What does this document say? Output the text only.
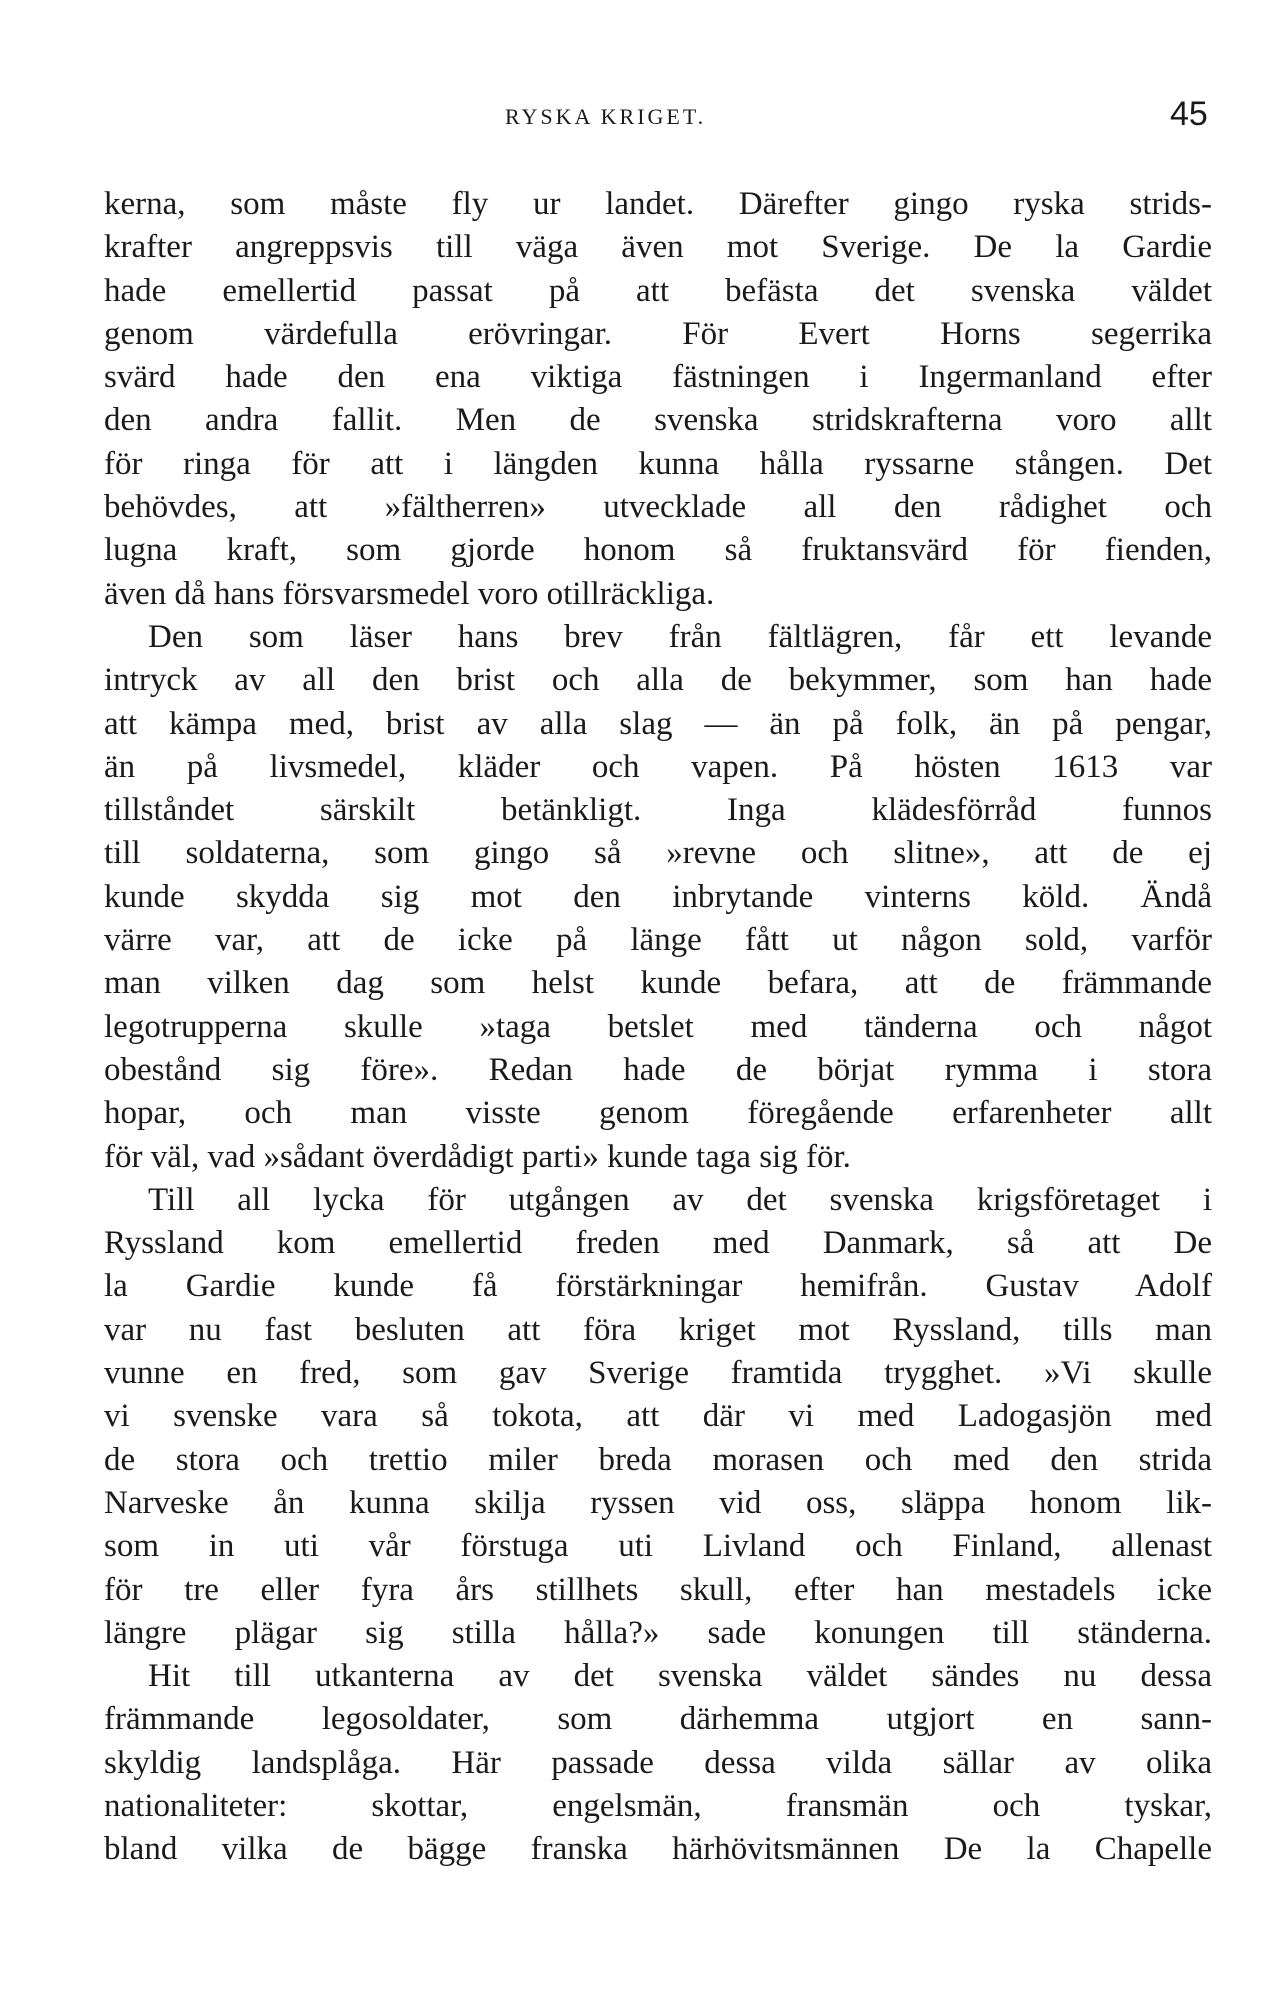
RYSKA KRIGET.	45
kerna, som måste fly ur landet. Därefter gingo ryska strids-
krafter angreppsvis till väga även mot Sverige. De la Gardie
hade emellertid passat på att befästa det svenska väldet
genom värdefulla erövringar. För Evert Horns segerrika
svärd hade den ena viktiga fästningen i Ingermanland efter
den andra fallit. Men de svenska stridskrafterna voro allt
för ringa för att i längden kunna hålla ryssarne stången. Det
behövdes, att »fältherren» utvecklade all den rådighet och
lugna kraft, som gjorde honom så fruktansvärd för fienden,
även då hans försvarsmedel voro otillräckliga.
Den som läser hans brev från fältlägren, får ett levande
intryck av all den brist och alla de bekymmer, som han hade
att kämpa med, brist av alla slag — än på folk, än på pengar,
än på livsmedel, kläder och vapen. På hösten 1613 var
tillståndet särskilt betänkligt. Inga klädesförråd funnos
till soldaterna, som gingo så »revne och slitne», att de ej
kunde skydda sig mot den inbrytande vinterns köld. Ändå
värre var, att de icke på länge fått ut någon sold, varför
man vilken dag som helst kunde befara, att de främmande
legotrupperna skulle »taga betslet med tänderna och något
obestånd sig före». Redan hade de börjat rymma i stora
hopar, och man visste genom föregående erfarenheter allt
för väl, vad »sådant överdådigt parti» kunde taga sig för.
Till all lycka för utgången av det svenska krigsföretaget i
Ryssland kom emellertid freden med Danmark, så att De
la Gardie kunde få förstärkningar hemifrån. Gustav Adolf
var nu fast besluten att föra kriget mot Ryssland, tills man
vunne en fred, som gav Sverige framtida trygghet. »Vi skulle
vi svenske vara så tokota, att där vi med Ladogasjön med
de stora och trettio miler breda morasen och med den strida
Narveske ån kunna skilja ryssen vid oss, släppa honom lik-
som in uti vår förstuga uti Livland och Finland, allenast
för tre eller fyra års stillhets skull, efter han mestadels icke
längre plägar sig stilla hålla?» sade konungen till ständerna.
Hit till utkanterna av det svenska väldet sändes nu dessa
främmande legosoldater, som därhemma utgjort en sann-
skyldig landsplåga. Här passade dessa vilda sällar av olika
nationaliteter: skottar, engelsmän, fransmän och tyskar,
bland vilka de bägge franska härhövitsmännen De la Chapelle
